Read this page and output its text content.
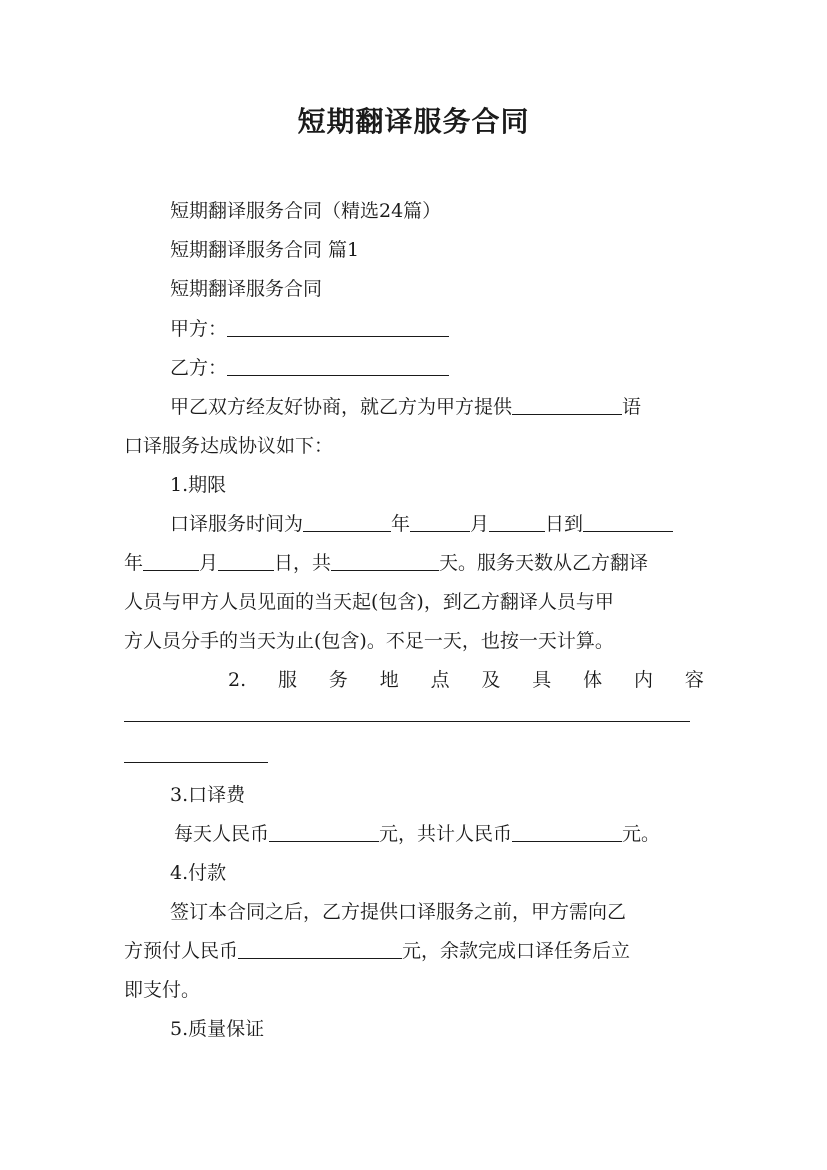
短期翻译服务合同
短期翻译服务合同（精选24篇）
短期翻译服务合同 篇1
短期翻译服务合同
甲方：
乙方：
甲乙双方经友好协商，就乙方为甲方提供	语
口译服务达成协议如下：
1.期限
口译服务时间为	年	月	日到
年	月	日，共	天。服务天数从乙方翻译
人员与甲方人员见面的当天起(包含)，到乙方翻译人员与甲
方人员分手的当天为止(包含)。不足一天，也按一天计算。
2. 服 务 地 点 及 具 体 内 容
3.口译费
每天人民币	元，共计人民币	元。
4.付款
签订本合同之后，乙方提供口译服务之前，甲方需向乙
方预付人民币	元，余款完成口译任务后立
即支付。
5.质量保证
